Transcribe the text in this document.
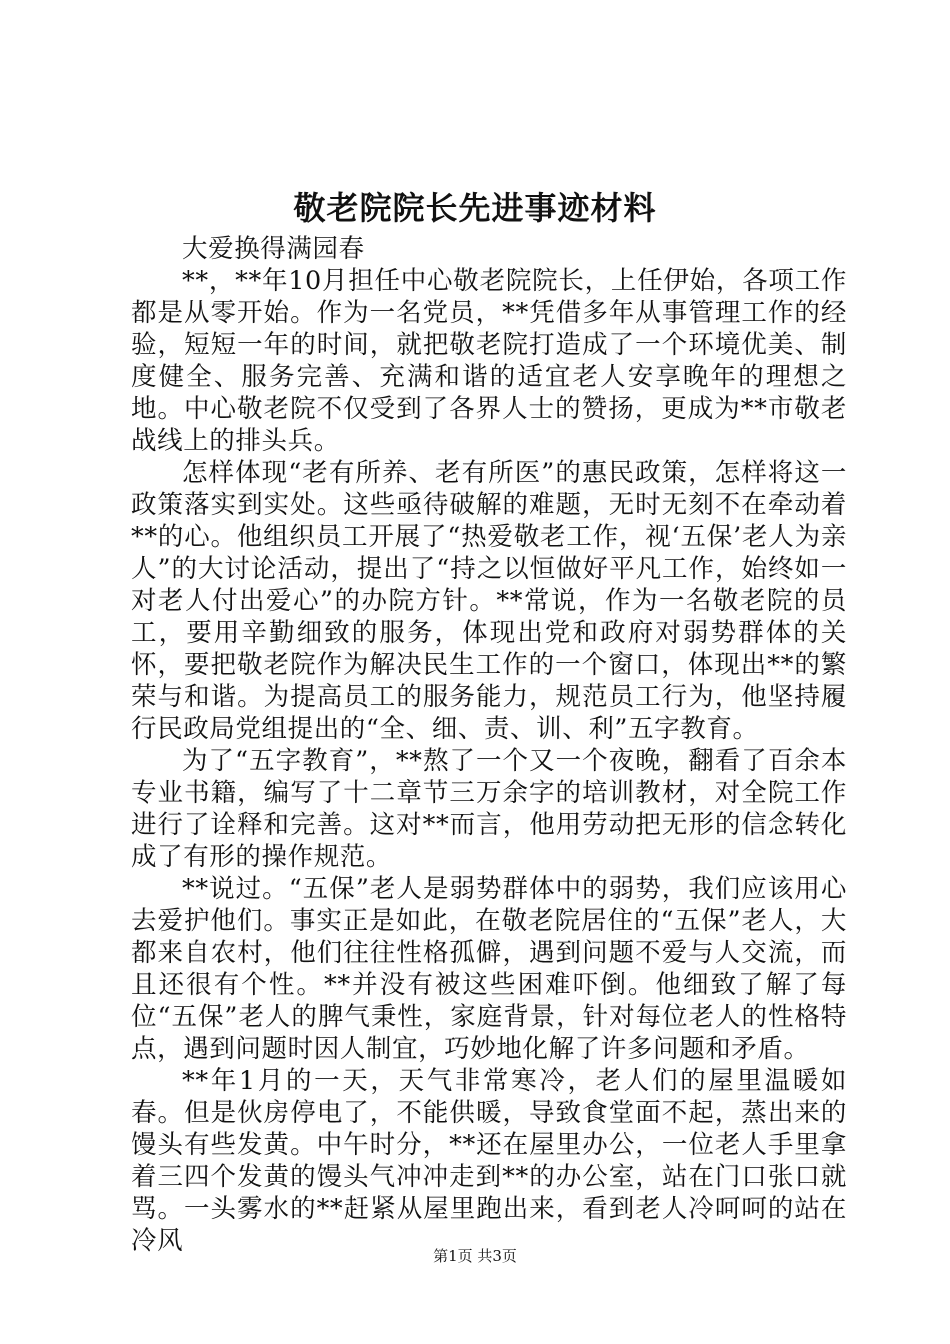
敬老院院长先进事迹材料

大爱换得满园春

**，**年10月担任中心敬老院院长，上任伊始，各项工作都是从零开始。作为一名党员，**凭借多年从事管理工作的经验，短短一年的时间，就把敬老院打造成了一个环境优美、制度健全、服务完善、充满和谐的适宜老人安享晚年的理想之地。中心敬老院不仅受到了各界人士的赞扬，更成为**市敬老战线上的排头兵。

怎样体现“老有所养、老有所医”的惠民政策，怎样将这一政策落实到实处。这些亟待破解的难题，无时无刻不在牵动着**的心。他组织员工开展了“热爱敬老工作，视‘五保’老人为亲人”的大讨论活动，提出了“持之以恒做好平凡工作，始终如一对老人付出爱心”的办院方针。**常说，作为一名敬老院的员工，要用辛勤细致的服务，体现出党和政府对弱势群体的关怀，要把敬老院作为解决民生工作的一个窗口，体现出**的繁荣与和谐。为提高员工的服务能力，规范员工行为，他坚持履行民政局党组提出的“全、细、责、训、利”五字教育。

为了“五字教育”，**熬了一个又一个夜晚，翻看了百余本专业书籍，编写了十二章节三万余字的培训教材，对全院工作进行了诠释和完善。这对**而言，他用劳动把无形的信念转化成了有形的操作规范。

**说过。“五保”老人是弱势群体中的弱势，我们应该用心去爱护他们。事实正是如此，在敬老院居住的“五保”老人，大都来自农村，他们往往性格孤僻，遇到问题不爱与人交流，而且还很有个性。**并没有被这些困难吓倒。他细致了解了每位“五保”老人的脾气秉性，家庭背景，针对每位老人的性格特点，遇到问题时因人制宜，巧妙地化解了许多问题和矛盾。

**年1月的一天，天气非常寒冷，老人们的屋里温暖如春。但是伙房停电了，不能供暖，导致食堂面不起，蒸出来的馒头有些发黄。中午时分，**还在屋里办公，一位老人手里拿着三四个发黄的馒头气冲冲走到**的办公室，站在门口张口就骂。一头雾水的**赶紧从屋里跑出来，看到老人冷呵呵的站在冷风	第1页 共3页
